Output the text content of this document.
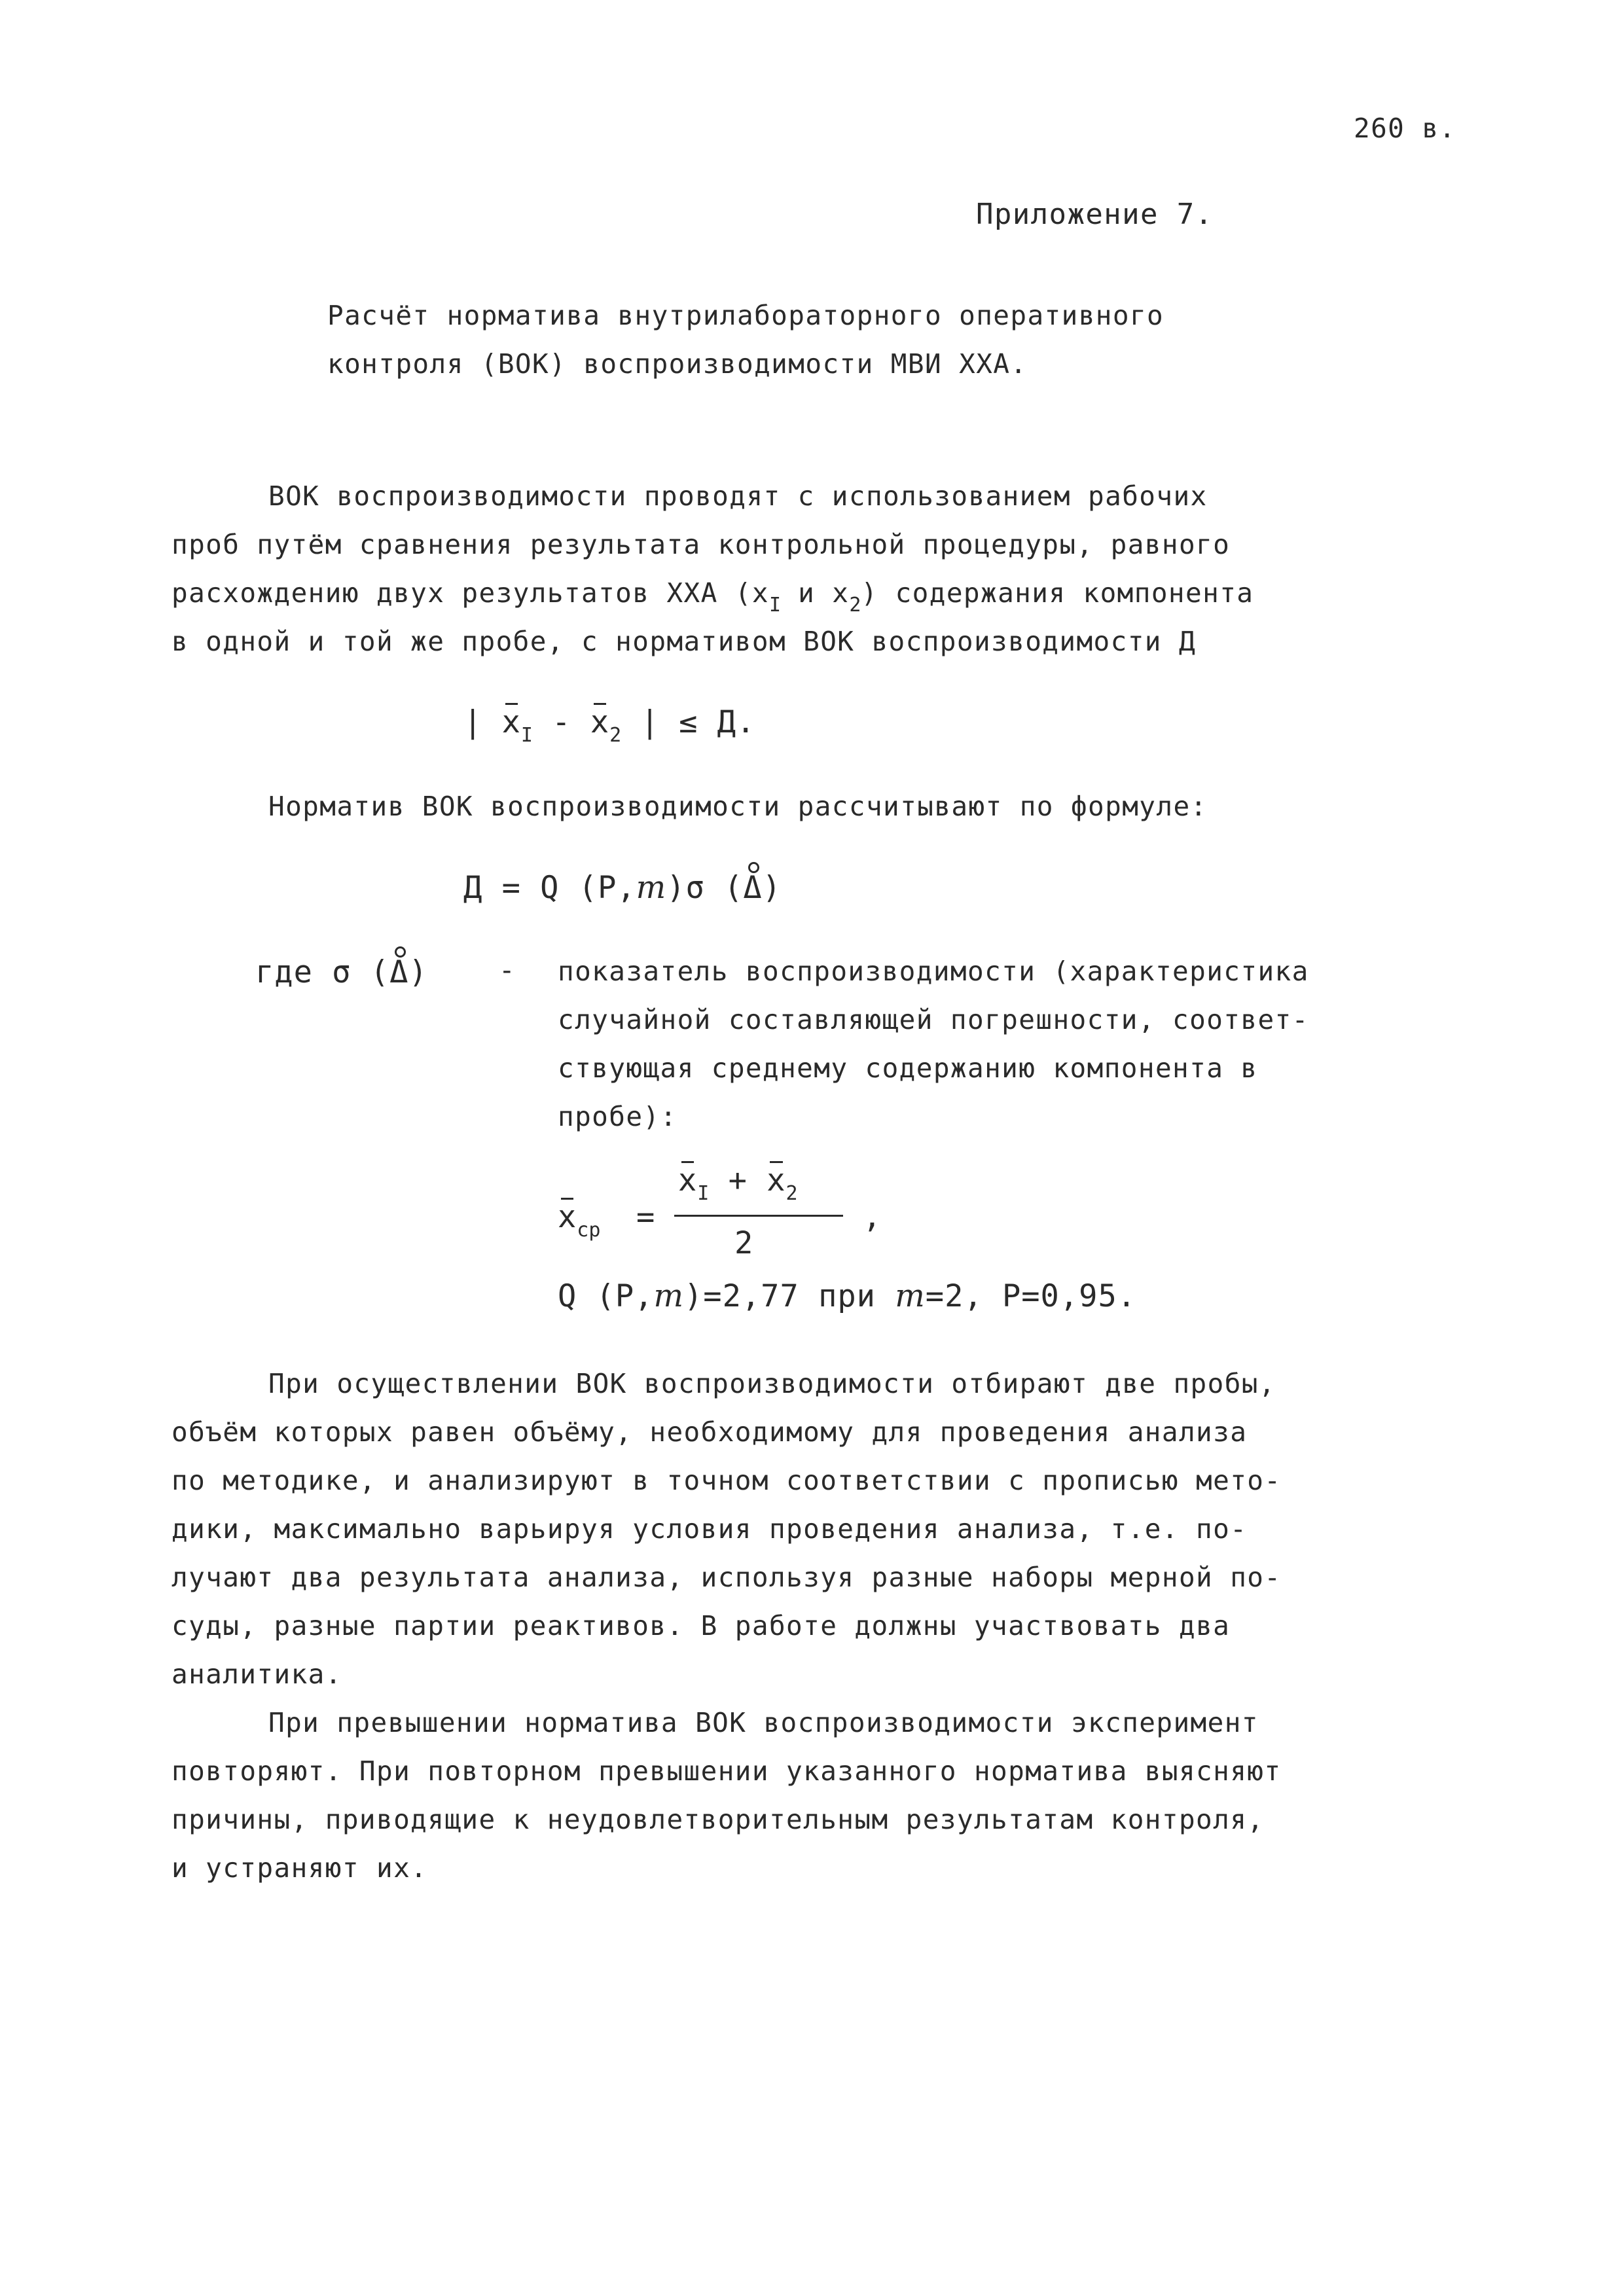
260 в.
Приложение 7.
Расчёт норматива внутрилабораторного оперативного
контроля (ВОК) воспроизводимости МВИ ХХА.
ВОК воспроизводимости проводят с использованием рабочих
проб путём сравнения результата контрольной процедуры, равного
расхождению двух результатов ХХА ($x_I$ и $x_2$) содержания компонента
в одной и той же пробе, с нормативом ВОК воспроизводимости Д
| $x_I - x_2$ | ≤ Д.
Норматив ВОК воспроизводимости рассчитывают по формуле:
Д = Q (P,m)σ (Δ)
где σ (Δ)	- показатель воспроизводимости (характеристика
случайной составляющей погрешности, соответ-
ствующая среднему содержанию компонента в
пробе):
$x_{ср}$ =
$x_I + x_2$
2
,
Q (P,m)=2,77 при m=2, P=0,95.
При осуществлении ВОК воспроизводимости отбирают две пробы,
объём которых равен объёму, необходимому для проведения анализа
по методике, и анализируют в точном соответствии с прописью мето-
дики, максимально варьируя условия проведения анализа, т.е. по-
лучают два результата анализа, используя разные наборы мерной по-
суды, разные партии реактивов. В работе должны участвовать два
аналитика.
При превышении норматива ВОК воспроизводимости эксперимент
повторяют. При повторном превышении указанного норматива выясняют
причины, приводящие к неудовлетворительным результатам контроля,
и устраняют их.
